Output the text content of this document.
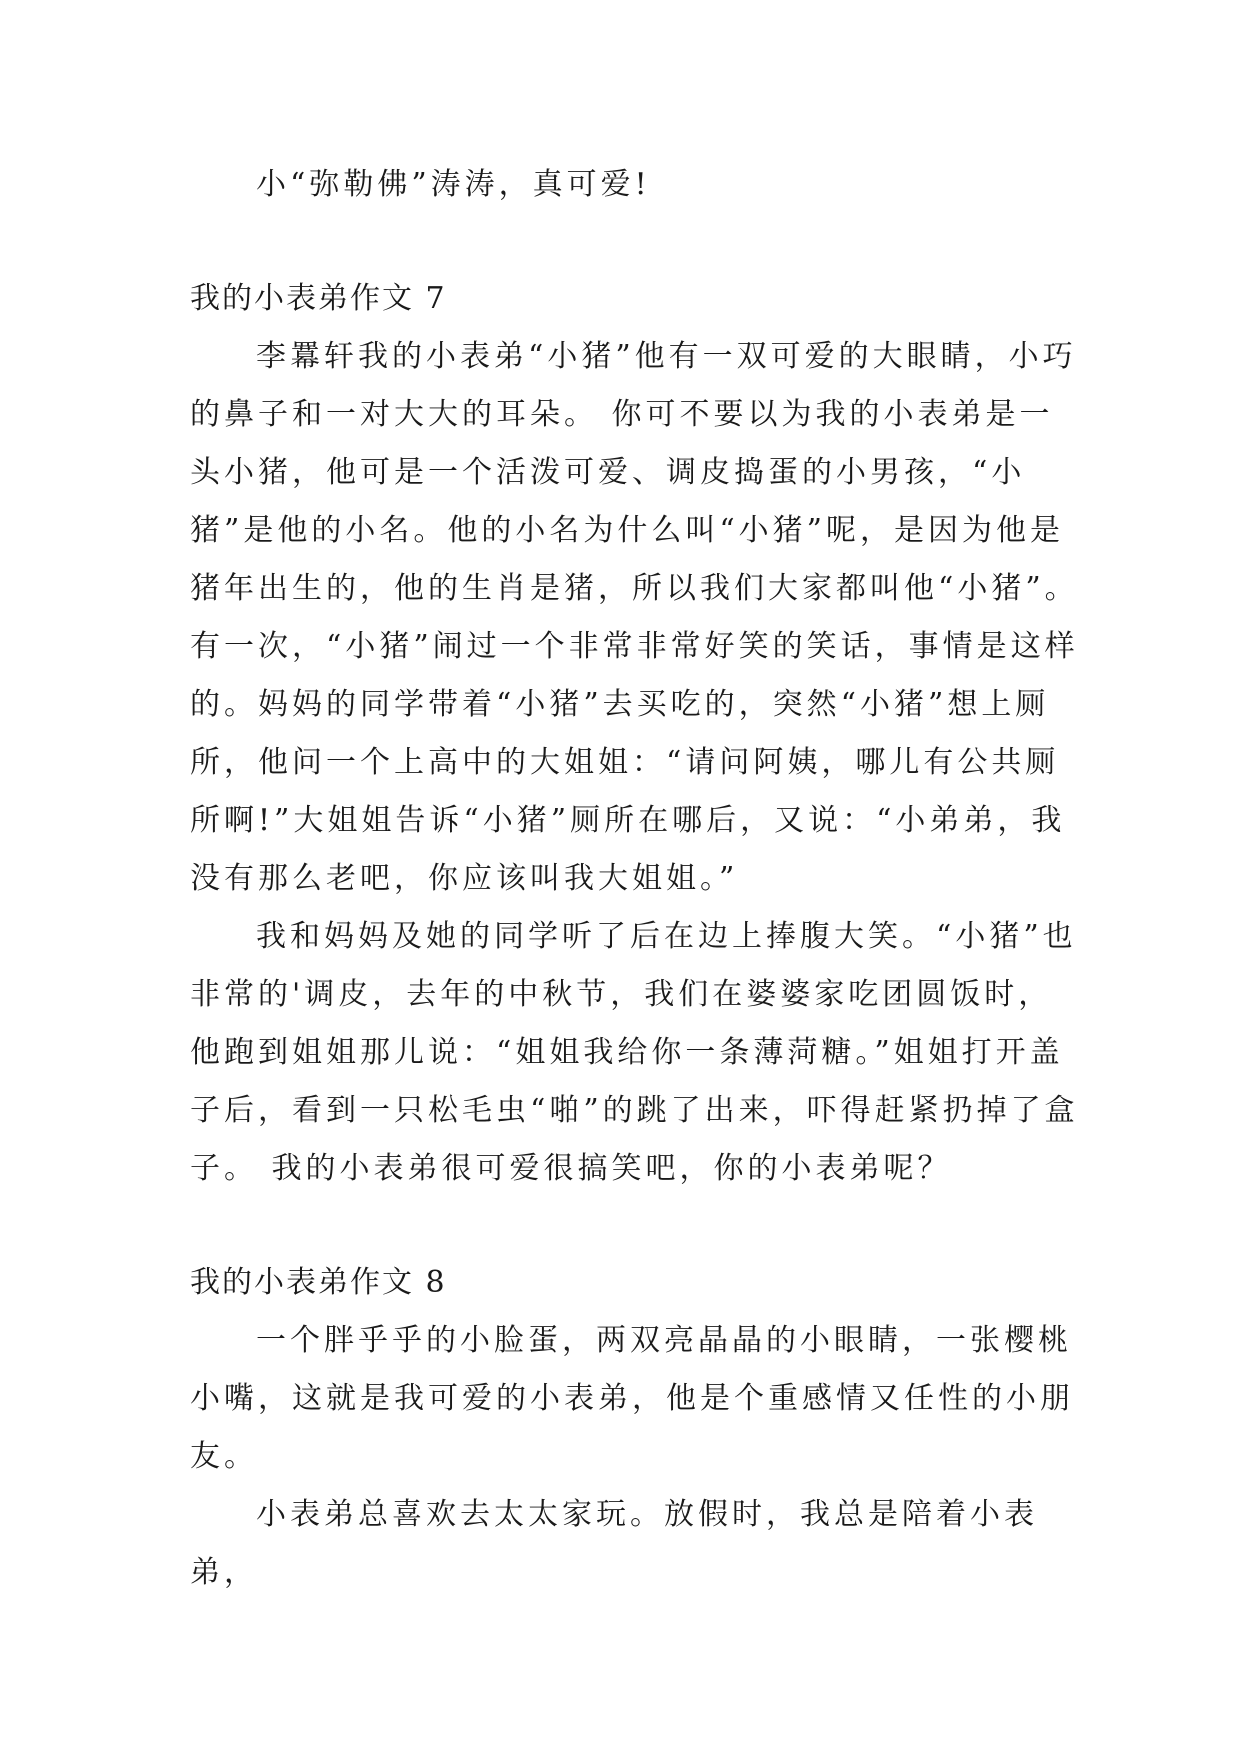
小“弥勒佛”涛涛，真可爱!

我的小表弟作文 7

李羃轩我的小表弟“小猪”他有一双可爱的大眼睛，小巧的鼻子和一对大大的耳朵。 你可不要以为我的小表弟是一头小猪，他可是一个活泼可爱、调皮捣蛋的小男孩，“小猪”是他的小名。他的小名为什么叫“小猪”呢，是因为他是猪年出生的，他的生肖是猪，所以我们大家都叫他“小猪”。 有一次，“小猪”闹过一个非常非常好笑的笑话，事情是这样的。妈妈的同学带着“小猪”去买吃的，突然“小猪”想上厕所，他问一个上高中的大姐姐：“请问阿姨，哪儿有公共厕所啊!”大姐姐告诉“小猪”厕所在哪后，又说：“小弟弟，我没有那么老吧，你应该叫我大姐姐。”

我和妈妈及她的同学听了后在边上捧腹大笑。“小猪”也非常的'调皮，去年的中秋节，我们在婆婆家吃团圆饭时，他跑到姐姐那儿说：“姐姐我给你一条薄菏糖。”姐姐打开盖子后，看到一只松毛虫“啪”的跳了出来，吓得赶紧扔掉了盒子。 我的小表弟很可爱很搞笑吧，你的小表弟呢？

我的小表弟作文 8

一个胖乎乎的小脸蛋，两双亮晶晶的小眼睛，一张樱桃小嘴，这就是我可爱的小表弟，他是个重感情又任性的小朋友。

小表弟总喜欢去太太家玩。放假时，我总是陪着小表弟，
